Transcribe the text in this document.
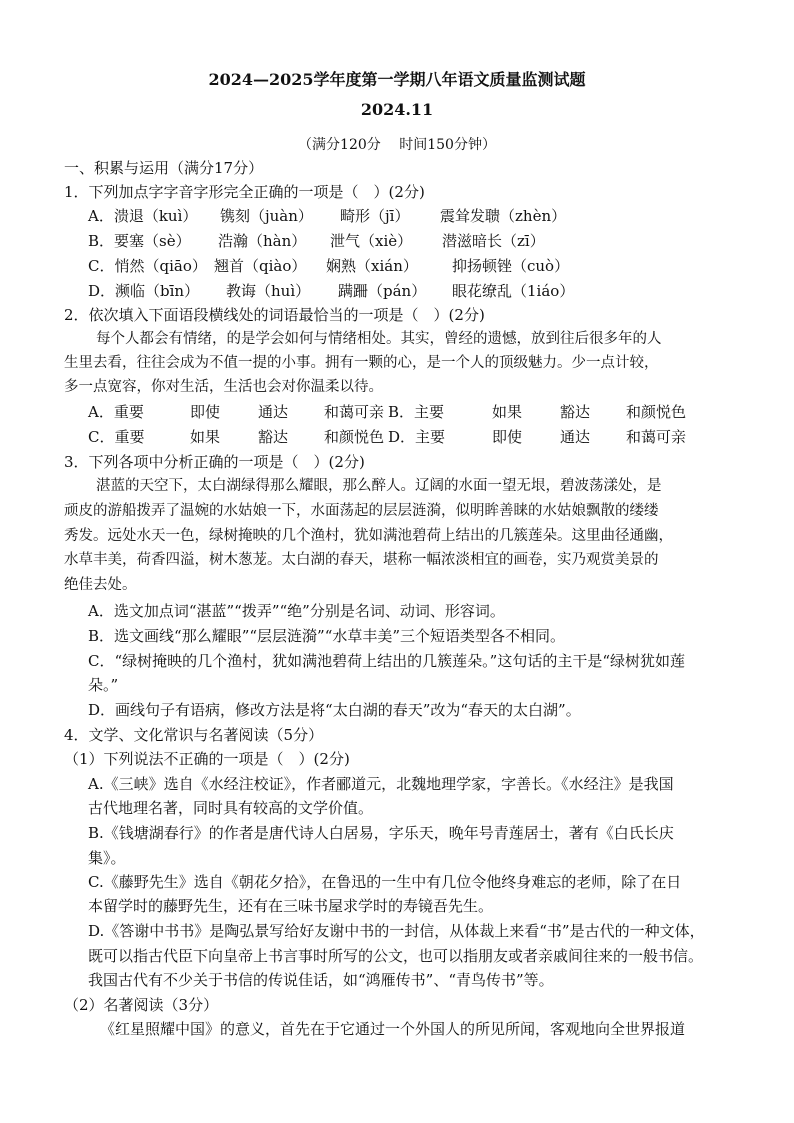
2024—2025学年度第一学期八年语文质量监测试题
2024.11
（满分120分　 时间150分钟）
一、积累与运用（满分17分）
1．下列加点字字音字形完全正确的一项是（　）(2分)
A．溃退（kuì） 镌刻（juàn） 畸形（jī） 震耸发聩（zhèn）
B．要塞（sè） 浩瀚（hàn） 泄气（xiè） 潜滋暗长（zī）
C．悄然（qiāo） 翘首（qiào） 娴熟（xián） 抑扬顿锉（cuò）
D．濒临（bīn） 教诲（huì） 蹒跚（pán） 眼花缭乱（1iáo）
2．依次填入下面语段横线处的词语最恰当的一项是（　）(2分)
每个人都会有情绪，的是学会如何与情绪相处。其实，曾经的遗憾，放到往后很多年的人
生里去看，往往会成为不值一提的小事。拥有一颗的心，是一个人的顶级魅力。少一点计较，
多一点宽容，你对生活，生活也会对你温柔以待。
A．重要	即使	通达 和蔼可亲 B．主要	如果	豁达 和颜悦色
C．重要	如果	豁达 和颜悦色 D．主要	即使	通达 和蔼可亲
3．下列各项中分析正确的一项是（　）(2分)
湛蓝的天空下，太白湖绿得那么耀眼，那么醉人。辽阔的水面一望无垠，碧波荡漾处，是
顽皮的游船拨弄了温婉的水姑娘一下，水面荡起的层层涟漪，似明眸善睐的水姑娘飘散的缕缕
秀发。远处水天一色，绿树掩映的几个渔村，犹如满池碧荷上结出的几簇莲朵。这里曲径通幽，
水草丰美，荷香四溢，树木葱茏。太白湖的春天，堪称一幅浓淡相宜的画卷，实乃观赏美景的
绝佳去处。
A．选文加点词“湛蓝”“拨弄”“绝”分别是名词、动词、形容词。
B．选文画线“那么耀眼”“层层涟漪”“水草丰美”三个短语类型各不相同。
C．“绿树掩映的几个渔村，犹如满池碧荷上结出的几簇莲朵。”这句话的主干是“绿树犹如莲
朵。”
D．画线句子有语病，修改方法是将“太白湖的春天”改为“春天的太白湖”。
4．文学、文化常识与名著阅读（5分）
（1）下列说法不正确的一项是（　）(2分)
A.《三峡》选自《水经注校证》，作者郦道元，北魏地理学家，字善长。《水经注》是我国
古代地理名著，同时具有较高的文学价值。
B.《钱塘湖春行》的作者是唐代诗人白居易，字乐天，晚年号青莲居士，著有《白氏长庆
集》。
C.《藤野先生》选自《朝花夕拾》，在鲁迅的一生中有几位令他终身难忘的老师，除了在日
本留学时的藤野先生，还有在三味书屋求学时的寿镜吾先生。
D.《答谢中书书》是陶弘景写给好友谢中书的一封信，从体裁上来看“书”是古代的一种文体，
既可以指古代臣下向皇帝上书言事时所写的公文，也可以指朋友或者亲戚间往来的一般书信。
我国古代有不少关于书信的传说佳话，如“鸿雁传书”、“青鸟传书”等。
（2）名著阅读（3分）
《红星照耀中国》的意义，首先在于它通过一个外国人的所见所闻，客观地向全世界报道
